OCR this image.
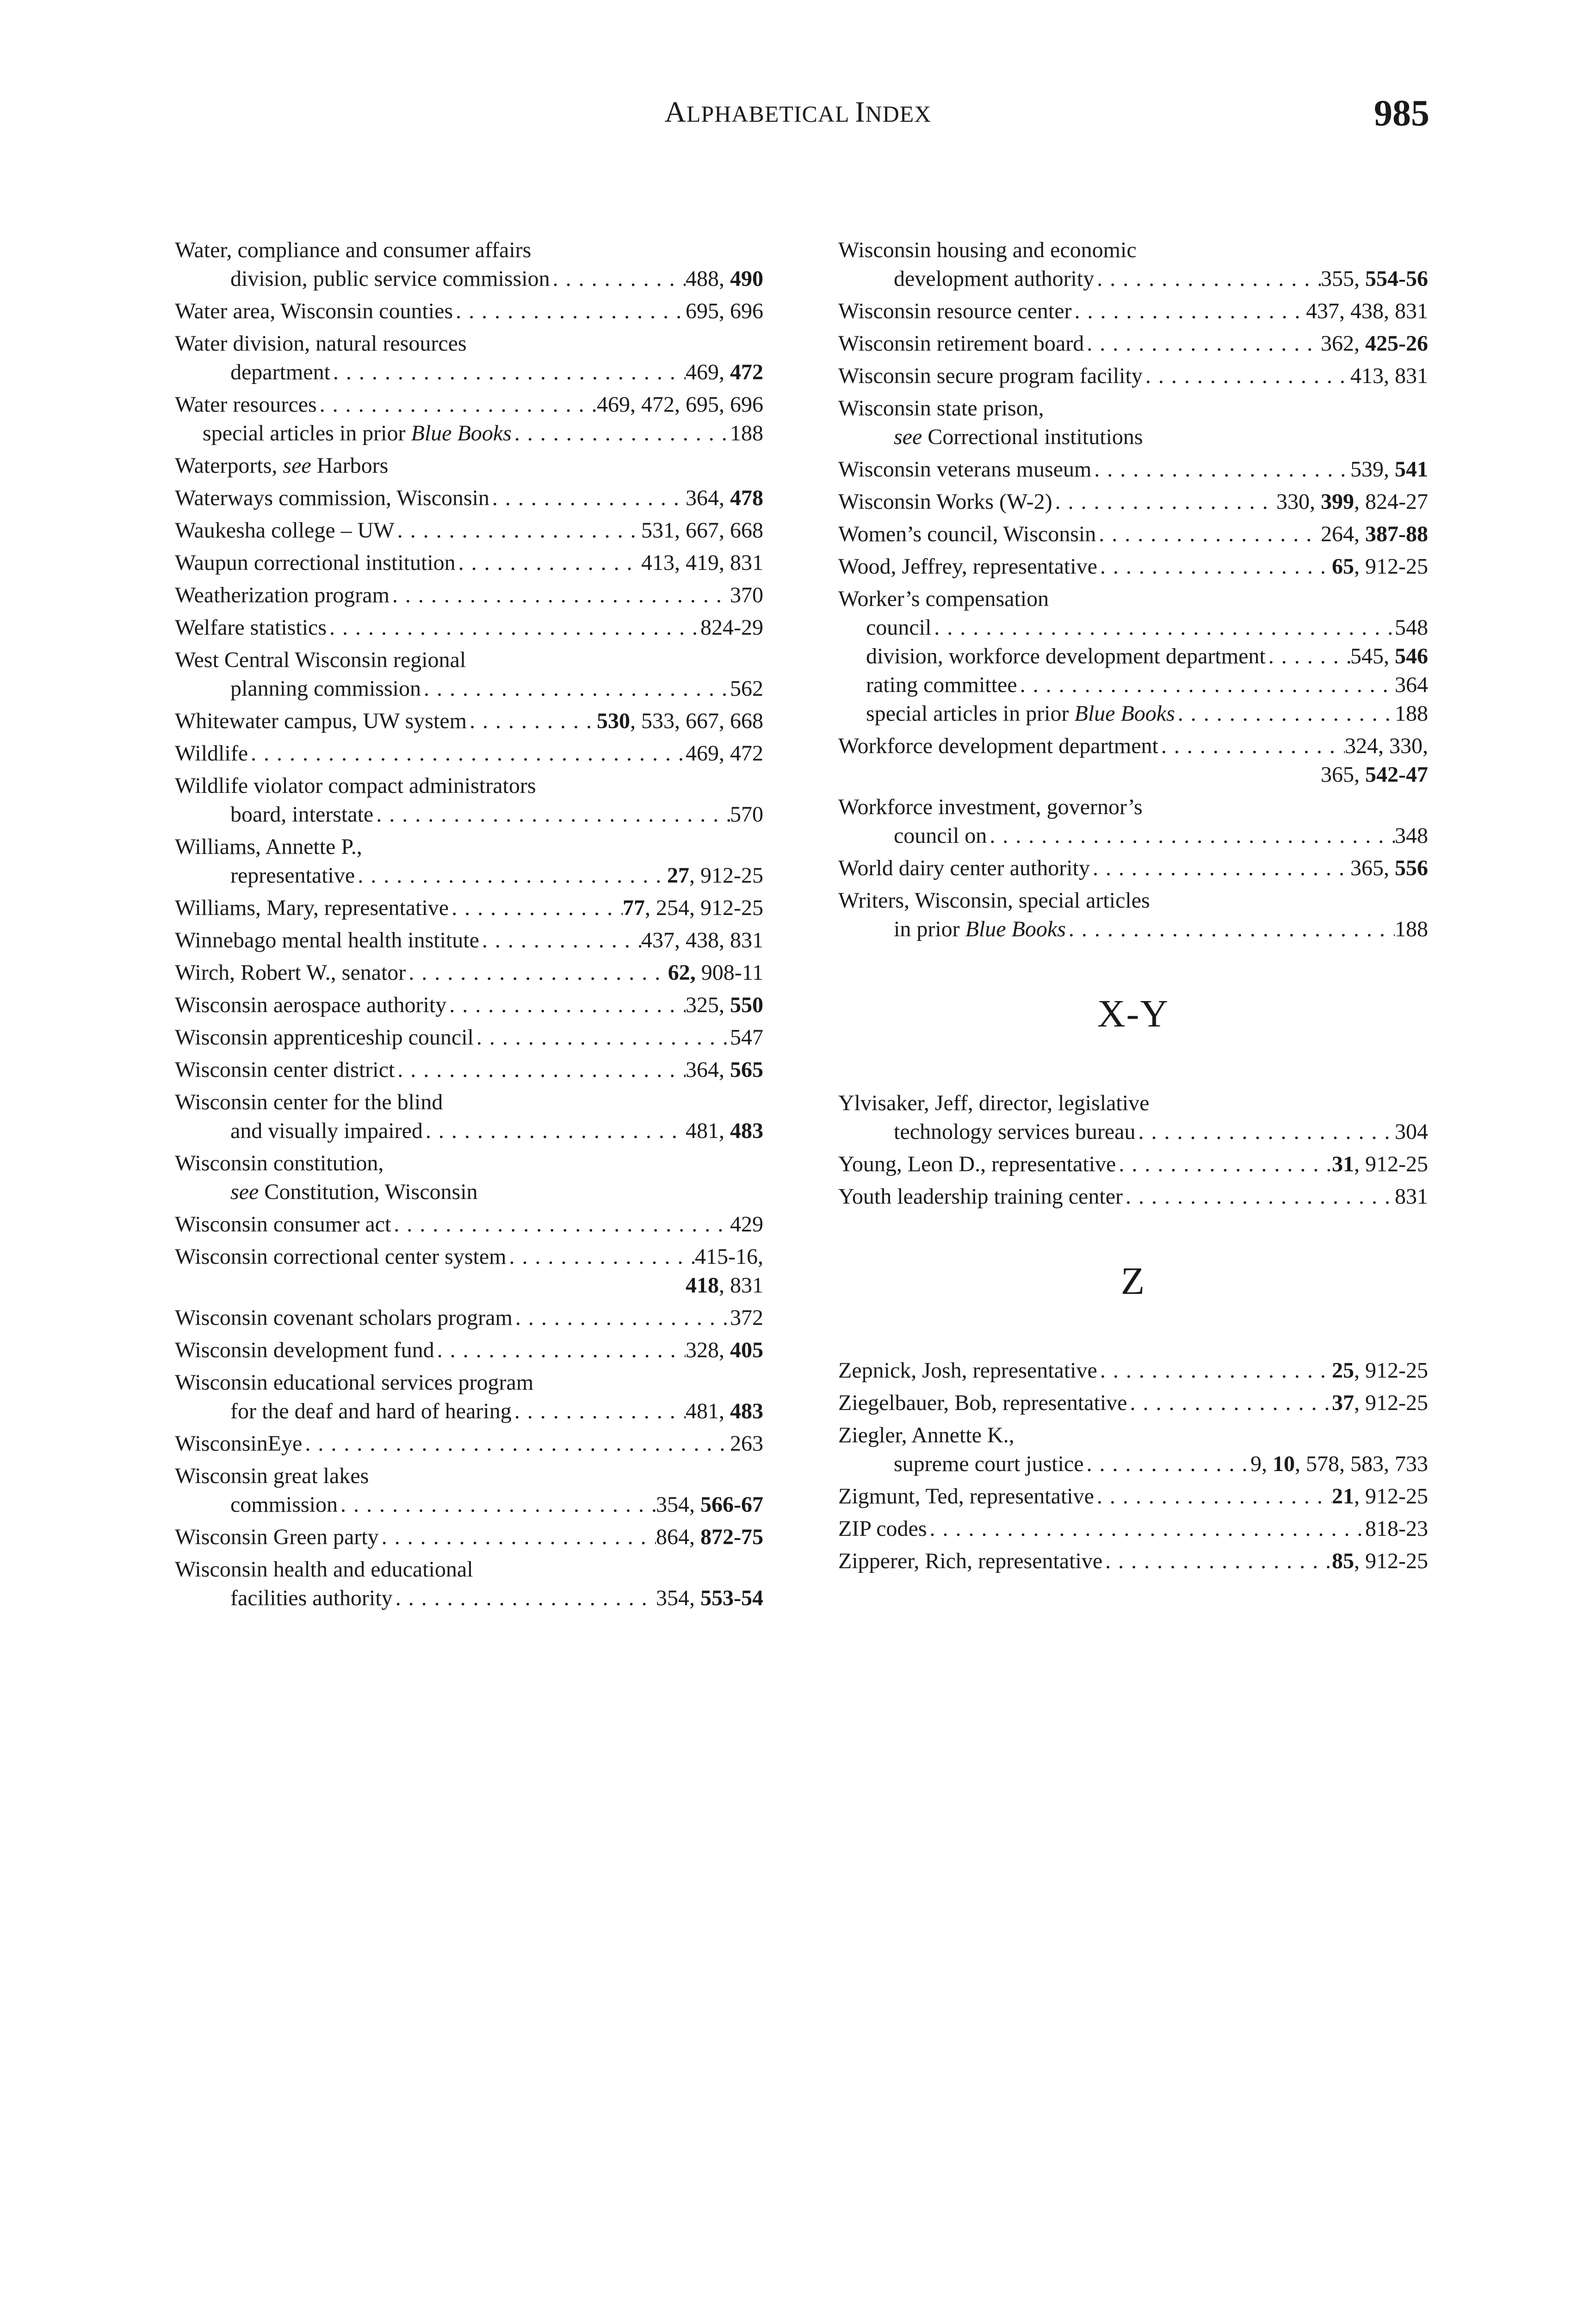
ALPHABETICAL INDEX	985
Water, compliance and consumer affairs
division, public service commission . . .	488, 490
Water area, Wisconsin counties . . .	695, 696
Water division, natural resources
department . . .	469, 472
Water resources . . .	469, 472, 695, 696
special articles in prior Blue Books . . .	188
Waterports, see Harbors
Waterways commission, Wisconsin . . .	364, 478
Waukesha college – UW . . .	531, 667, 668
Waupun correctional institution . . .	413, 419, 831
Weatherization program . . .	370
Welfare statistics . . .	824-29
West Central Wisconsin regional
planning commission . . .	562
Whitewater campus, UW system . . .	530, 533, 667, 668
Wildlife . . .	469, 472
Wildlife violator compact administrators
board, interstate . . .	570
Williams, Annette P.,
representative . . .	27, 912-25
Williams, Mary, representative . . .	77, 254, 912-25
Winnebago mental health institute . . .	437, 438, 831
Wirch, Robert W., senator . . .	62, 908-11
Wisconsin aerospace authority . . .	325, 550
Wisconsin apprenticeship council . . .	547
Wisconsin center district . . .	364, 565
Wisconsin center for the blind
and visually impaired . . .	481, 483
Wisconsin constitution,
see Constitution, Wisconsin
Wisconsin consumer act . . .	429
Wisconsin correctional center system . . .	415-16,
418, 831
Wisconsin covenant scholars program . . .	372
Wisconsin development fund . . .	328, 405
Wisconsin educational services program
for the deaf and hard of hearing . . .	481, 483
WisconsinEye . . .	263
Wisconsin great lakes
commission . . .	354, 566-67
Wisconsin Green party . . .	864, 872-75
Wisconsin health and educational
facilities authority . . .	354, 553-54
Wisconsin housing and economic
development authority . . .	355, 554-56
Wisconsin resource center . . .	437, 438, 831
Wisconsin retirement board . . .	362, 425-26
Wisconsin secure program facility . . .	413, 831
Wisconsin state prison,
see Correctional institutions
Wisconsin veterans museum . . .	539, 541
Wisconsin Works (W-2) . . .	330, 399, 824-27
Women’s council, Wisconsin . . .	264, 387-88
Wood, Jeffrey, representative . . .	65, 912-25
Worker’s compensation
council . . .	548
division, workforce development department . . .	545, 546
rating committee . . .	364
special articles in prior Blue Books . . .	188
Workforce development department . . .	324, 330,
365, 542-47
Workforce investment, governor’s
council on . . .	348
World dairy center authority . . .	365, 556
Writers, Wisconsin, special articles
in prior Blue Books . . .	188
X-Y
Ylvisaker, Jeff, director, legislative
technology services bureau . . .	304
Young, Leon D., representative . . .	31, 912-25
Youth leadership training center . . .	831
Z
Zepnick, Josh, representative . . .	25, 912-25
Ziegelbauer, Bob, representative . . .	37, 912-25
Ziegler, Annette K.,
supreme court justice . . .	9, 10, 578, 583, 733
Zigmunt, Ted, representative . . .	21, 912-25
ZIP codes . . .	818-23
Zipperer, Rich, representative . . .	85, 912-25
